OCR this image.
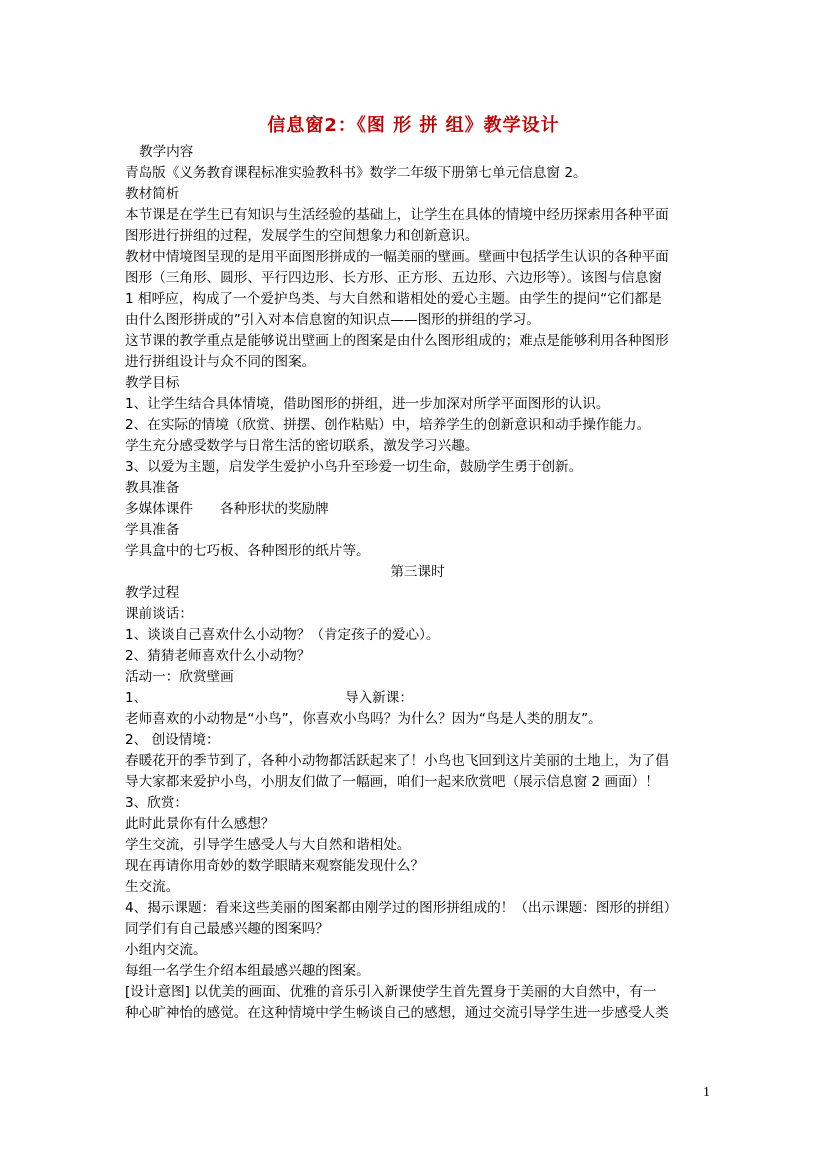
信息窗2：《图 形 拼 组》教学设计
教学内容
青岛版《义务教育课程标准实验教科书》数学二年级下册第七单元信息窗 2。
教材简析
本节课是在学生已有知识与生活经验的基础上，让学生在具体的情境中经历探索用各种平面
图形进行拼组的过程，发展学生的空间想象力和创新意识。
教材中情境图呈现的是用平面图形拼成的一幅美丽的壁画。壁画中包括学生认识的各种平面
图形（三角形、圆形、平行四边形、长方形、正方形、五边形、六边形等）。该图与信息窗
1 相呼应，构成了一个爱护鸟类、与大自然和谐相处的爱心主题。由学生的提问“它们都是
由什么图形拼成的”引入对本信息窗的知识点——图形的拼组的学习。
这节课的教学重点是能够说出壁画上的图案是由什么图形组成的；难点是能够利用各种图形
进行拼组设计与众不同的图案。
教学目标
1、让学生结合具体情境，借助图形的拼组，进一步加深对所学平面图形的认识。
2、在实际的情境（欣赏、拼摆、创作粘贴）中，培养学生的创新意识和动手操作能力。
学生充分感受数学与日常生活的密切联系，激发学习兴趣。
3、以爱为主题，启发学生爱护小鸟升至珍爱一切生命，鼓励学生勇于创新。
教具准备
多媒体课件	各种形状的奖励牌
学具准备
学具盒中的七巧板、各种图形的纸片等。
第三课时
教学过程
课前谈话：
1、谈谈自己喜欢什么小动物？（肯定孩子的爱心）。
2、猜猜老师喜欢什么小动物？
活动一：欣赏壁画
1、	导入新课：
老师喜欢的小动物是“小鸟”，你喜欢小鸟吗？为什么？因为“鸟是人类的朋友”。
2、 创设情境：
春暖花开的季节到了，各种小动物都活跃起来了！小鸟也飞回到这片美丽的土地上，为了倡
导大家都来爱护小鸟，小朋友们做了一幅画，咱们一起来欣赏吧（展示信息窗 2 画面）！
3、欣赏：
此时此景你有什么感想？
学生交流，引导学生感受人与大自然和谐相处。
现在再请你用奇妙的数学眼睛来观察能发现什么？
生交流。
4、揭示课题：看来这些美丽的图案都由刚学过的图形拼组成的！（出示课题：图形的拼组）
同学们有自己最感兴趣的图案吗？
小组内交流。
每组一名学生介绍本组最感兴趣的图案。
[设计意图] 以优美的画面、优雅的音乐引入新课使学生首先置身于美丽的大自然中，有一
种心旷神怡的感觉。在这种情境中学生畅谈自己的感想，通过交流引导学生进一步感受人类
1
